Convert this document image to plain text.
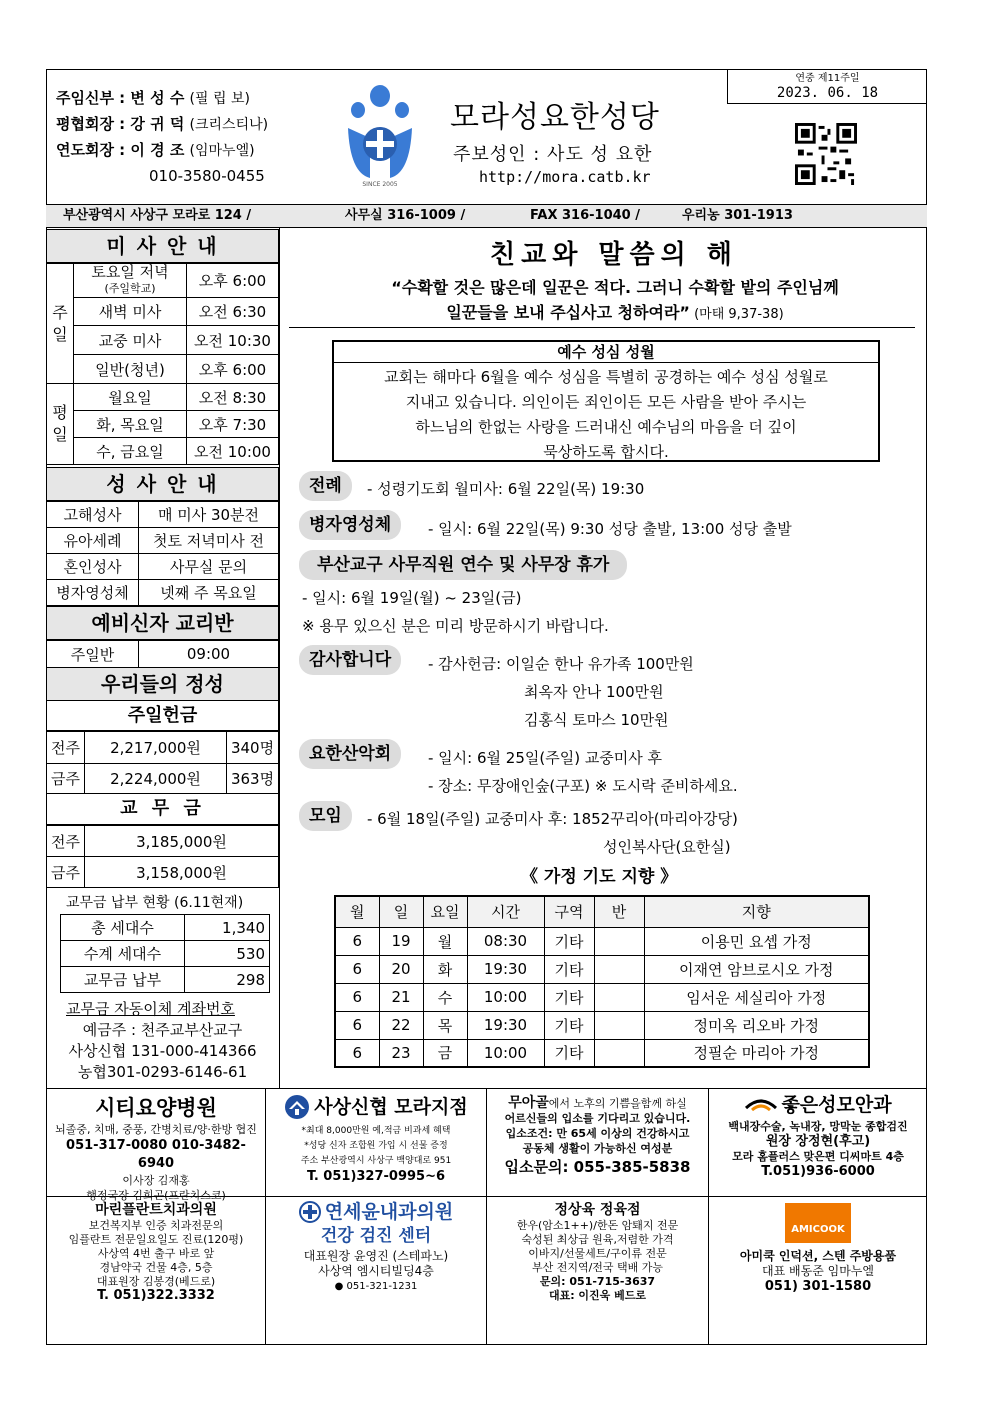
주임신부 : 변 성 수 (필 립 보)
평협회장 : 강 귀 덕 (크리스티나)
연도회장 : 이 경 조 (임마누엘)
010-3580-0455	SINCE 2005
모라성요한성당
주보성인 : 사도 성 요한
http://mora.catb.kr
연중 제11주일
2023. 06. 18
부산광역시 사상구 모라로 124 /	사무실 316-1009 /	FAX 316-1040 /	우리농 301-1913
미 사 안 내
주
일	토요일 저녁
(주일학교)	오후 6:00
	새벽 미사	오전 6:30
	교중 미사	오전 10:30
	일반(청년)	오후 6:00
평
일	월요일	오전 8:30
	화, 목요일	오후 7:30
	수, 금요일	오전 10:00
성 사 안 내
고해성사	매 미사 30분전
유아세례	첫토 저녁미사 전
혼인성사	사무실 문의
병자영성체	넷째 주 목요일
예비신자 교리반
주일반	09:00
우리들의 정성
주일헌금
전주	2,217,000원	340명
금주	2,224,000원	363명
교 무 금
전주	3,185,000원
금주	3,158,000원
교무금 납부 현황 (6.11현재)
총 세대수	1,340
수계 세대수	530
교무금 납부	298
교무금 자동이체 계좌번호
예금주 : 천주교부산교구
사상신협 131-000-414366
농협301-0293-6146-61
친교와 말씀의 해
“수확할 것은 많은데 일꾼은 적다. 그러니 수확할 밭의 주인님께
일꾼들을 보내 주십사고 청하여라” (마태 9,37-38)
예수 성심 성월
교회는 해마다 6월을 예수 성심을 특별히 공경하는 예수 성심 성월로
지내고 있습니다. 의인이든 죄인이든 모든 사람을 받아 주시는
하느님의 한없는 사랑을 드러내신 예수님의 마음을 더 깊이
묵상하도록 합시다.
전례	- 성령기도회 월미사: 6월 22일(목) 19:30
병자영성체	- 일시: 6월 22일(목) 9:30 성당 출발, 13:00 성당 출발
부산교구 사무직원 연수 및 사무장 휴가
- 일시: 6월 19일(월) ~ 23일(금)
※ 용무 있으신 분은 미리 방문하시기 바랍니다.
감사합니다	- 감사헌금: 이일순 한나 유가족 100만원
최옥자 안나 100만원
김홍식 토마스 10만원
요한산악회	- 일시: 6월 25일(주일) 교중미사 후
- 장소: 무장애인숲(구포) ※ 도시락 준비하세요.
모임	- 6월 18일(주일) 교중미사 후: 1852꾸리아(마리아강당)
성인복사단(요한실)
《 가정 기도 지향 》
월	일	요일	시간	구역	반	지향
6	19	월	08:30	기타		이용민 요셉 가정
6	20	화	19:30	기타		이재연 암브로시오 가정
6	21	수	10:00	기타		임서운 세실리아 가정
6	22	목	19:30	기타		정미옥 리오바 가정
6	23	금	10:00	기타		정필순 마리아 가정
시티요양병원
뇌졸중, 치매, 중풍, 간병치료/양·한방 협진
051-317-0080 010-3482-6940
이사장 김재홍
행정국장 김희곤(프란치스코)
사상신협 모라지점
*최대 8,000만원 예,적금 비과세 혜택
*성당 신자 조합원 가입 시 선물 증정
주소 부산광역시 사상구 백양대로 951
T. 051)327-0995~6
무아골에서 노후의 기쁨을함께 하실
어르신들의 입소를 기다리고 있습니다.
입소조건: 만 65세 이상의 건강하시고
공동체 생활이 가능하신 여성분
입소문의: 055-385-5838
좋은성모안과
백내장수술, 녹내장, 망막눈 종합검진
원장 장정현(후고)
모라 홈플러스 맞은편 디씨마트 4층
T.051)936-6000
마린플란트치과의원
보건복지부 인증 치과전문의
임플란트 전문일요일도 진료(120평)
사상역 4번 출구 바로 앞
경남약국 건물 4층, 5층
대표원장 김봉경(베드로)
T. 051)322.3332
연세윤내과의원
건강 검진 센터
대표원장 윤영진 (스테파노)
사상역 엠시티빌딩4층
● 051-321-1231
정상육 정육점
한우(암소1++)/한돈 암퇘지 전문
숙성된 최상급 원육,저렴한 가격
이바지/선물세트/구이류 전문
부산 전지역/전국 택배 가능
문의: 051-715-3637
대표: 이진욱 베드로
AMICOOK
아미쿡 인덕션, 스텐 주방용품
대표 배동준 임마누엘
051) 301-1580
